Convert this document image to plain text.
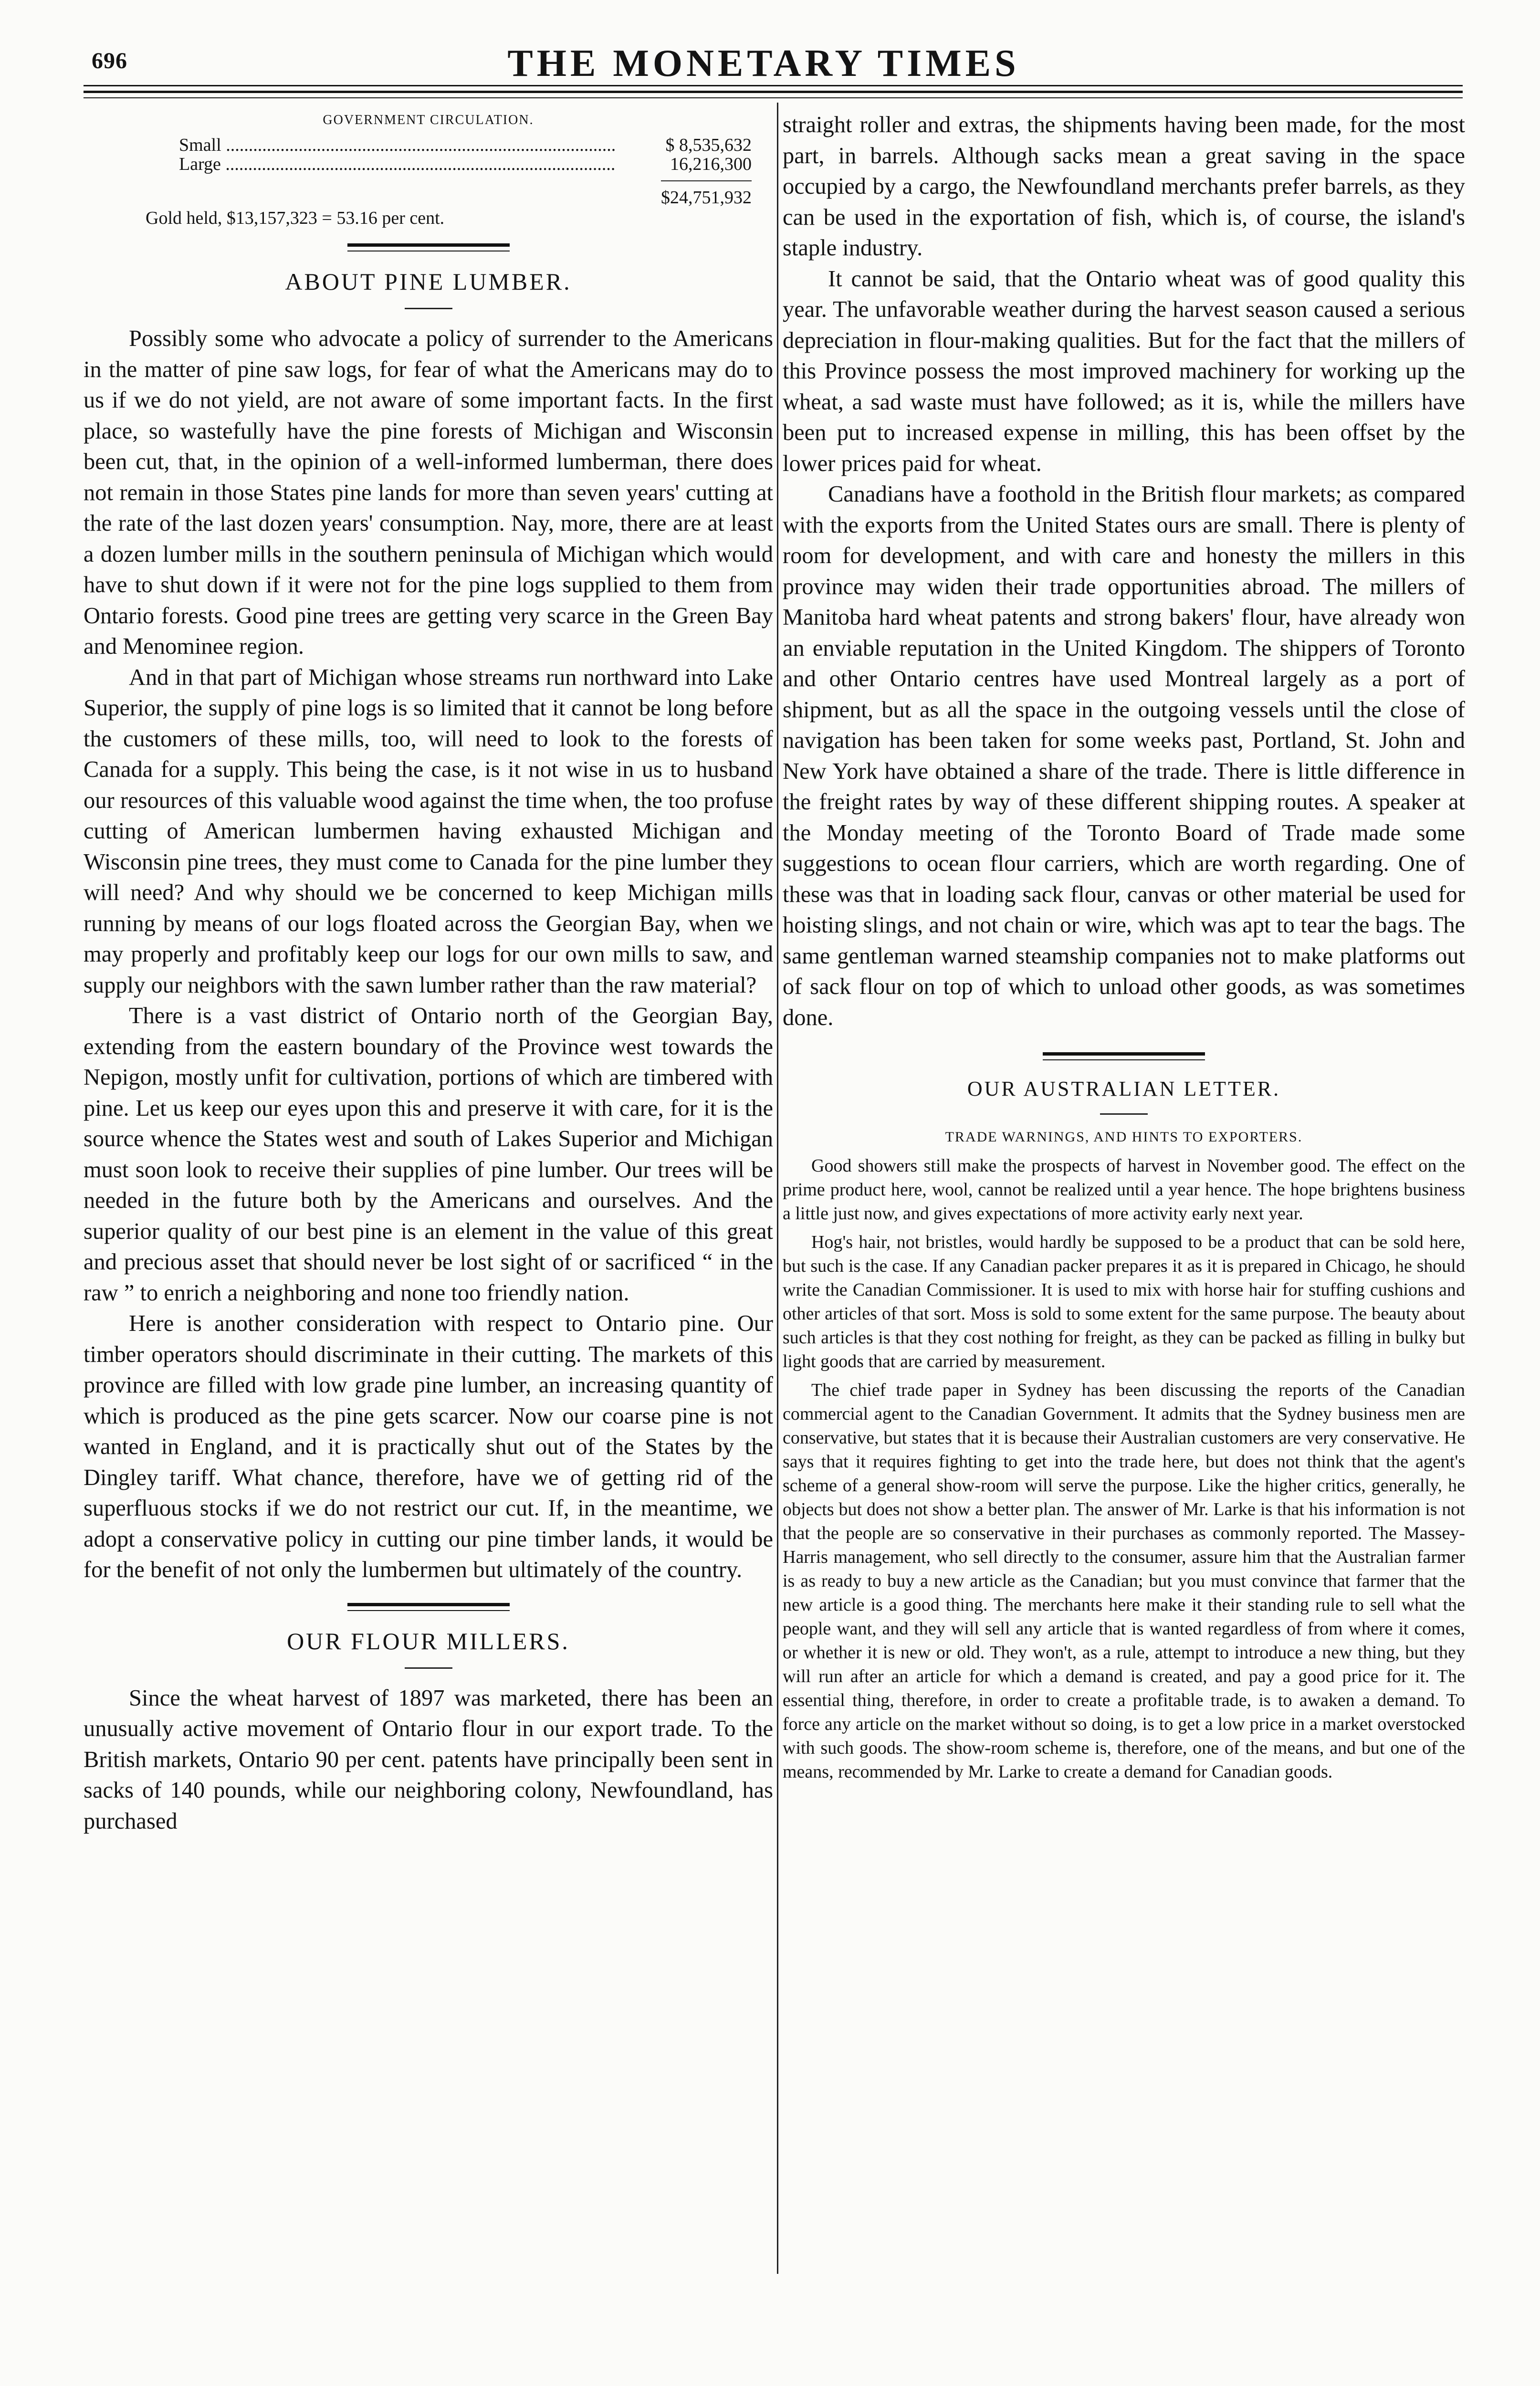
696	THE MONETARY TIMES
GOVERNMENT CIRCULATION.
Small .....	$ 8,535,632
Large .....	16,216,300
$24,751,932
Gold held, $13,157,323 = 53.16 per cent.
ABOUT PINE LUMBER.

Possibly some who advocate a policy of surrender to the Americans in the matter of pine saw logs, for fear of what the Americans may do to us if we do not yield, are not aware of some important facts. In the first place, so wastefully have the pine forests of Michigan and Wisconsin been cut, that, in the opinion of a well-informed lumberman, there does not remain in those States pine lands for more than seven years' cutting at the rate of the last dozen years' consumption. Nay, more, there are at least a dozen lumber mills in the southern peninsula of Michigan which would have to shut down if it were not for the pine logs supplied to them from Ontario forests. Good pine trees are getting very scarce in the Green Bay and Menominee region.

And in that part of Michigan whose streams run northward into Lake Superior, the supply of pine logs is so limited that it cannot be long before the customers of these mills, too, will need to look to the forests of Canada for a supply. This being the case, is it not wise in us to husband our resources of this valuable wood against the time when, the too profuse cutting of American lumbermen having exhausted Michigan and Wisconsin pine trees, they must come to Canada for the pine lumber they will need? And why should we be concerned to keep Michigan mills running by means of our logs floated across the Georgian Bay, when we may properly and profitably keep our logs for our own mills to saw, and supply our neighbors with the sawn lumber rather than the raw material?

There is a vast district of Ontario north of the Georgian Bay, extending from the eastern boundary of the Province west towards the Nepigon, mostly unfit for cultivation, portions of which are timbered with pine. Let us keep our eyes upon this and preserve it with care, for it is the source whence the States west and south of Lakes Superior and Michigan must soon look to receive their supplies of pine lumber. Our trees will be needed in the future both by the Americans and ourselves. And the superior quality of our best pine is an element in the value of this great and precious asset that should never be lost sight of or sacrificed “ in the raw ” to enrich a neighboring and none too friendly nation.

Here is another consideration with respect to Ontario pine. Our timber operators should discriminate in their cutting. The markets of this province are filled with low grade pine lumber, an increasing quantity of which is produced as the pine gets scarcer. Now our coarse pine is not wanted in England, and it is practically shut out of the States by the Dingley tariff. What chance, therefore, have we of getting rid of the superfluous stocks if we do not restrict our cut. If, in the meantime, we adopt a conservative policy in cutting our pine timber lands, it would be for the benefit of not only the lumbermen but ultimately of the country.

OUR FLOUR MILLERS.

Since the wheat harvest of 1897 was marketed, there has been an unusually active movement of Ontario flour in our export trade. To the British markets, Ontario 90 per cent. patents have principally been sent in sacks of 140 pounds, while our neighboring colony, Newfoundland, has purchased

straight roller and extras, the shipments having been made, for the most part, in barrels. Although sacks mean a great saving in the space occupied by a cargo, the Newfoundland merchants prefer barrels, as they can be used in the exportation of fish, which is, of course, the island's staple industry.

It cannot be said, that the Ontario wheat was of good quality this year. The unfavorable weather during the harvest season caused a serious depreciation in flour-making qualities. But for the fact that the millers of this Province possess the most improved machinery for working up the wheat, a sad waste must have followed; as it is, while the millers have been put to increased expense in milling, this has been offset by the lower prices paid for wheat.

Canadians have a foothold in the British flour markets; as compared with the exports from the United States ours are small. There is plenty of room for development, and with care and honesty the millers in this province may widen their trade opportunities abroad. The millers of Manitoba hard wheat patents and strong bakers' flour, have already won an enviable reputation in the United Kingdom. The shippers of Toronto and other Ontario centres have used Montreal largely as a port of shipment, but as all the space in the outgoing vessels until the close of navigation has been taken for some weeks past, Portland, St. John and New York have obtained a share of the trade. There is little difference in the freight rates by way of these different shipping routes. A speaker at the Monday meeting of the Toronto Board of Trade made some suggestions to ocean flour carriers, which are worth regarding. One of these was that in loading sack flour, canvas or other material be used for hoisting slings, and not chain or wire, which was apt to tear the bags. The same gentleman warned steamship companies not to make platforms out of sack flour on top of which to unload other goods, as was sometimes done.

OUR AUSTRALIAN LETTER.
TRADE WARNINGS, AND HINTS TO EXPORTERS.

Good showers still make the prospects of harvest in November good. The effect on the prime product here, wool, cannot be realized until a year hence. The hope brightens business a little just now, and gives expectations of more activity early next year.

Hog's hair, not bristles, would hardly be supposed to be a product that can be sold here, but such is the case. If any Canadian packer prepares it as it is prepared in Chicago, he should write the Canadian Commissioner. It is used to mix with horse hair for stuffing cushions and other articles of that sort. Moss is sold to some extent for the same purpose. The beauty about such articles is that they cost nothing for freight, as they can be packed as filling in bulky but light goods that are carried by measurement.

The chief trade paper in Sydney has been discussing the reports of the Canadian commercial agent to the Canadian Government. It admits that the Sydney business men are conservative, but states that it is because their Australian customers are very conservative. He says that it requires fighting to get into the trade here, but does not think that the agent's scheme of a general show-room will serve the purpose. Like the higher critics, generally, he objects but does not show a better plan. The answer of Mr. Larke is that his information is not that the people are so conservative in their purchases as commonly reported. The Massey-Harris management, who sell directly to the consumer, assure him that the Australian farmer is as ready to buy a new article as the Canadian; but you must convince that farmer that the new article is a good thing. The merchants here make it their standing rule to sell what the people want, and they will sell any article that is wanted regardless of from where it comes, or whether it is new or old. They won't, as a rule, attempt to introduce a new thing, but they will run after an article for which a demand is created, and pay a good price for it. The essential thing, therefore, in order to create a profitable trade, is to awaken a demand. To force any article on the market without so doing, is to get a low price in a market overstocked with such goods. The show-room scheme is, therefore, one of the means, and but one of the means, recommended by Mr. Larke to create a demand for Canadian goods.
